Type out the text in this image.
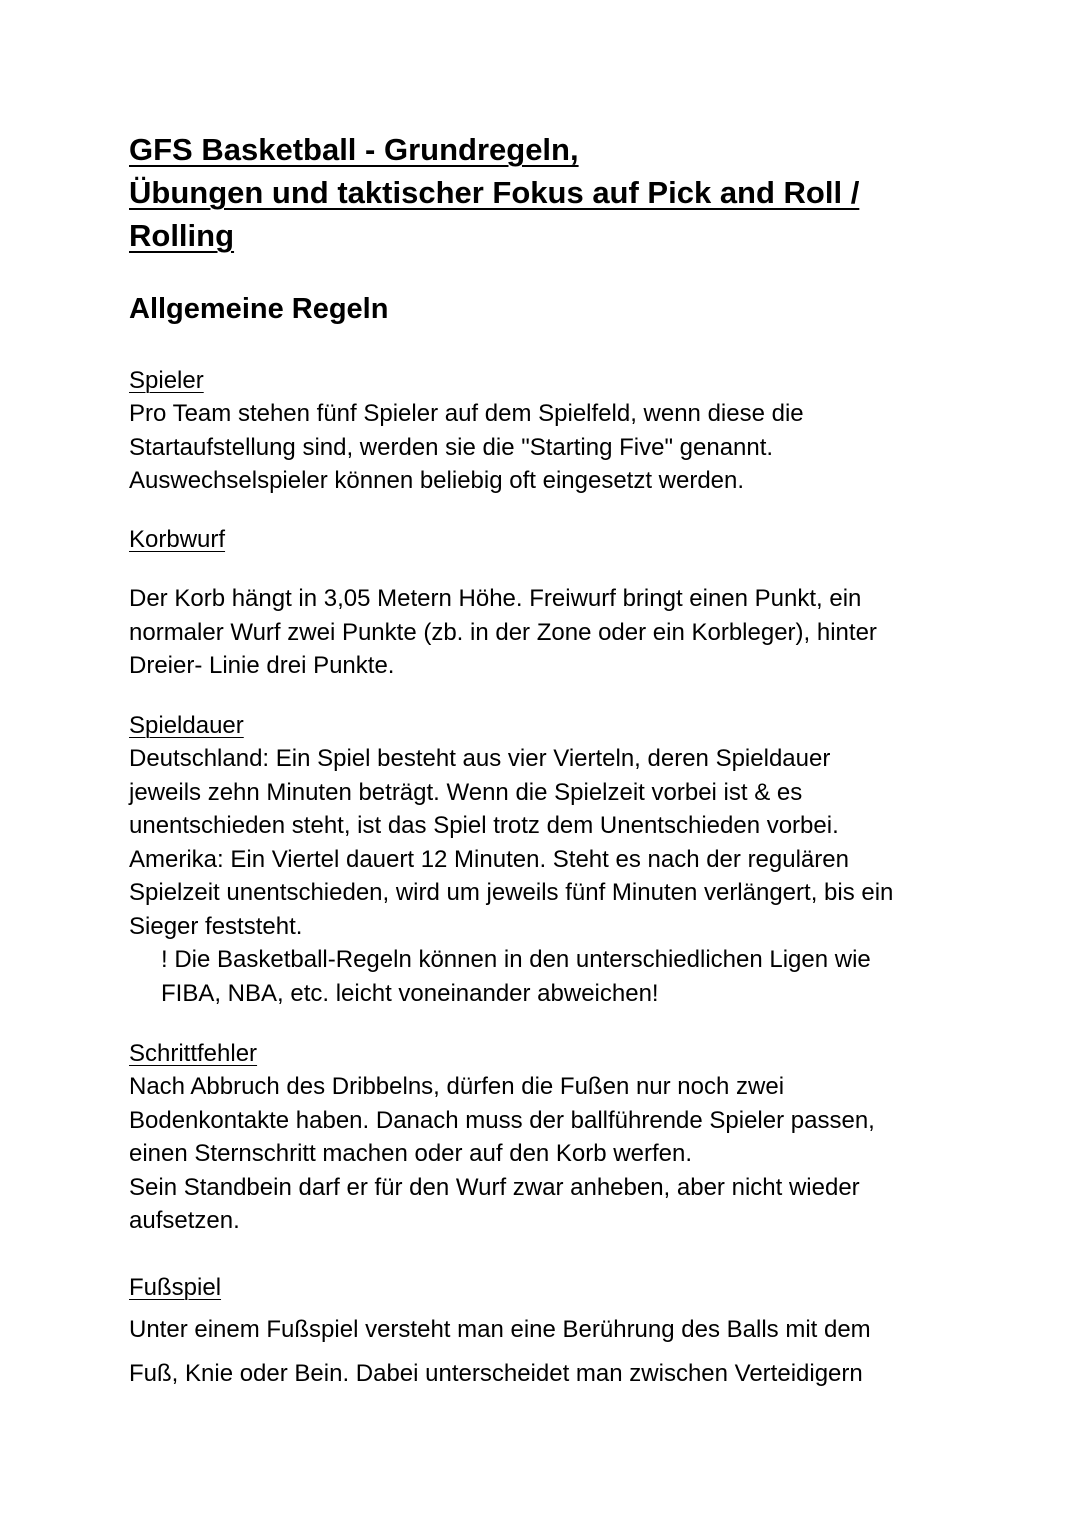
GFS Basketball - Grundregeln,
Übungen und taktischer Fokus auf Pick and Roll /
Rolling
Allgemeine Regeln

Spieler

Pro Team stehen fünf Spieler auf dem Spielfeld, wenn diese die

Startaufstellung sind, werden sie die "Starting Five" genannt.

Auswechselspieler können beliebig oft eingesetzt werden.

Korbwurf

Der Korb hängt in 3,05 Metern Höhe. Freiwurf bringt einen Punkt, ein

normaler Wurf zwei Punkte (zb. in der Zone oder ein Korbleger), hinter

Dreier- Linie drei Punkte.

Spieldauer

Deutschland: Ein Spiel besteht aus vier Vierteln, deren Spieldauer

jeweils zehn Minuten beträgt. Wenn die Spielzeit vorbei ist & es

unentschieden steht, ist das Spiel trotz dem Unentschieden vorbei.

Amerika: Ein Viertel dauert 12 Minuten. Steht es nach der regulären

Spielzeit unentschieden, wird um jeweils fünf Minuten verlängert, bis ein

Sieger feststeht.

! Die Basketball-Regeln können in den unterschiedlichen Ligen wie

FIBA, NBA, etc. leicht voneinander abweichen!

Schrittfehler

Nach Abbruch des Dribbelns, dürfen die Fußen nur noch zwei

Bodenkontakte haben. Danach muss der ballführende Spieler passen,

einen Sternschritt machen oder auf den Korb werfen.

Sein Standbein darf er für den Wurf zwar anheben, aber nicht wieder

aufsetzen.

Fußspiel

Unter einem Fußspiel versteht man eine Berührung des Balls mit dem

Fuß, Knie oder Bein. Dabei unterscheidet man zwischen Verteidigern
